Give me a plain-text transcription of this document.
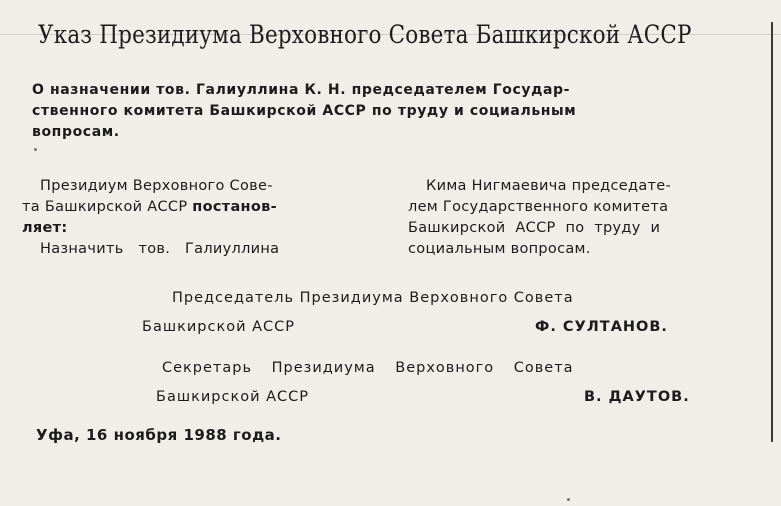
Указ Президиума Верховного Совета Башкирской АССР
О назначении тов. Галиуллина К. Н. председателем Государ-
ственного комитета Башкирской АССР по труду и социальным
вопросам.
Президиум Верховного Сове-
та Башкирской АССР постанов-
ляет:
Назначить тов. Галиуллина
Кима Нигмаевича председате-
лем Государственного комитета
Башкирской АССР по труду и
социальным вопросам.
Председатель Президиума Верховного Совета
Башкирской АССР	Ф. СУЛТАНОВ.
Секретарь Президиума Верховного Совета
Башкирской АССР	В. ДАУТОВ.
Уфа, 16 ноября 1988 года.
